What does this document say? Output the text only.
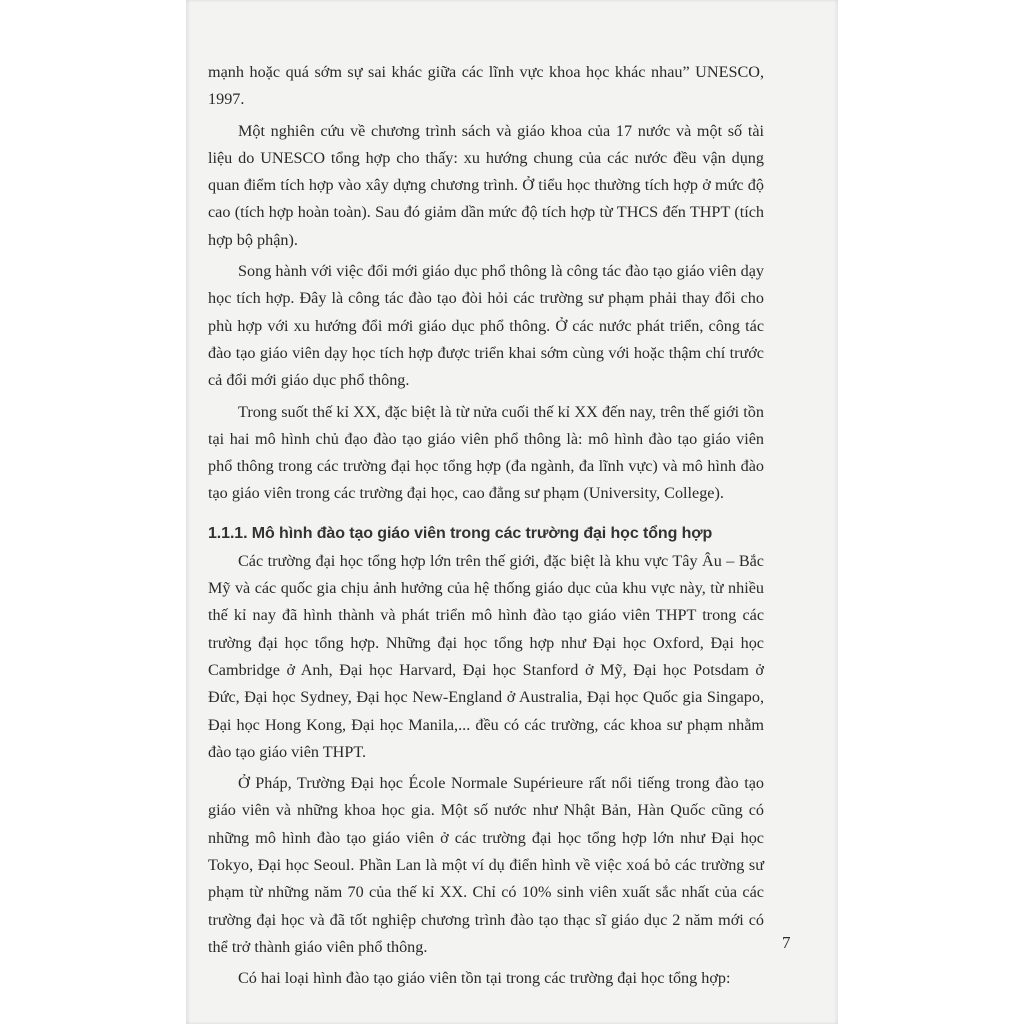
mạnh hoặc quá sớm sự sai khác giữa các lĩnh vực khoa học khác nhau” UNESCO, 1997.

Một nghiên cứu về chương trình sách và giáo khoa của 17 nước và một số tài liệu do UNESCO tổng hợp cho thấy: xu hướng chung của các nước đều vận dụng quan điểm tích hợp vào xây dựng chương trình. Ở tiểu học thường tích hợp ở mức độ cao (tích hợp hoàn toàn). Sau đó giảm dần mức độ tích hợp từ THCS đến THPT (tích hợp bộ phận).

Song hành với việc đổi mới giáo dục phổ thông là công tác đào tạo giáo viên dạy học tích hợp. Đây là công tác đào tạo đòi hỏi các trường sư phạm phải thay đổi cho phù hợp với xu hướng đổi mới giáo dục phổ thông. Ở các nước phát triển, công tác đào tạo giáo viên dạy học tích hợp được triển khai sớm cùng với hoặc thậm chí trước cả đổi mới giáo dục phổ thông.

Trong suốt thế kỉ XX, đặc biệt là từ nửa cuối thế kỉ XX đến nay, trên thế giới tồn tại hai mô hình chủ đạo đào tạo giáo viên phổ thông là: mô hình đào tạo giáo viên phổ thông trong các trường đại học tổng hợp (đa ngành, đa lĩnh vực) và mô hình đào tạo giáo viên trong các trường đại học, cao đẳng sư phạm (University, College).

1.1.1. Mô hình đào tạo giáo viên trong các trường đại học tổng hợp

Các trường đại học tổng hợp lớn trên thế giới, đặc biệt là khu vực Tây Âu – Bắc Mỹ và các quốc gia chịu ảnh hưởng của hệ thống giáo dục của khu vực này, từ nhiều thế kỉ nay đã hình thành và phát triển mô hình đào tạo giáo viên THPT trong các trường đại học tổng hợp. Những đại học tổng hợp như Đại học Oxford, Đại học Cambridge ở Anh, Đại học Harvard, Đại học Stanford ở Mỹ, Đại học Potsdam ở Đức, Đại học Sydney, Đại học New-England ở Australia, Đại học Quốc gia Singapo, Đại học Hong Kong, Đại học Manila,... đều có các trường, các khoa sư phạm nhằm đào tạo giáo viên THPT.

Ở Pháp, Trường Đại học École Normale Supérieure rất nổi tiếng trong đào tạo giáo viên và những khoa học gia. Một số nước như Nhật Bản, Hàn Quốc cũng có những mô hình đào tạo giáo viên ở các trường đại học tổng hợp lớn như Đại học Tokyo, Đại học Seoul. Phần Lan là một ví dụ điển hình về việc xoá bỏ các trường sư phạm từ những năm 70 của thế kỉ XX. Chỉ có 10% sinh viên xuất sắc nhất của các trường đại học và đã tốt nghiệp chương trình đào tạo thạc sĩ giáo dục 2 năm mới có thể trở thành giáo viên phổ thông.

Có hai loại hình đào tạo giáo viên tồn tại trong các trường đại học tổng hợp:

7
